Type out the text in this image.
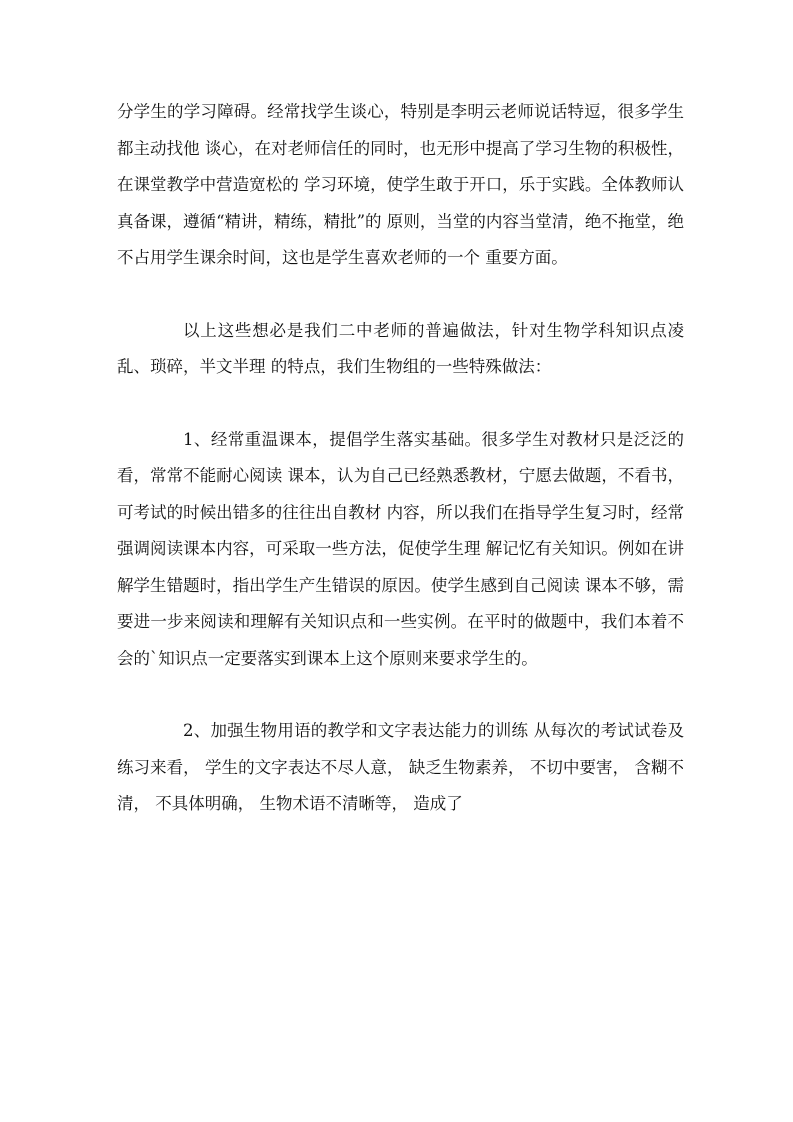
分学生的学习障碍。经常找学生谈心，特别是李明云老师说话特逗，很多学生都主动找他 谈心，在对老师信任的同时，也无形中提高了学习生物的积极性，在课堂教学中营造宽松的 学习环境，使学生敢于开口，乐于实践。全体教师认真备课，遵循“精讲，精练，精批”的 原则，当堂的内容当堂清，绝不拖堂，绝不占用学生课余时间，这也是学生喜欢老师的一个 重要方面。

以上这些想必是我们二中老师的普遍做法，针对生物学科知识点凌乱、琐碎，半文半理 的特点，我们生物组的一些特殊做法：

1、经常重温课本，提倡学生落实基础。很多学生对教材只是泛泛的看，常常不能耐心阅读 课本，认为自己已经熟悉教材，宁愿去做题，不看书，可考试的时候出错多的往往出自教材 内容，所以我们在指导学生复习时，经常强调阅读课本内容，可采取一些方法，促使学生理 解记忆有关知识。例如在讲解学生错题时，指出学生产生错误的原因。使学生感到自己阅读 课本不够，需要进一步来阅读和理解有关知识点和一些实例。在平时的做题中，我们本着不 会的`知识点一定要落实到课本上这个原则来要求学生的。

2、加强生物用语的教学和文字表达能力的训练 从每次的考试试卷及练习来看， 学生的文字表达不尽人意， 缺乏生物素养， 不切中要害， 含糊不清， 不具体明确， 生物术语不清晰等， 造成了
